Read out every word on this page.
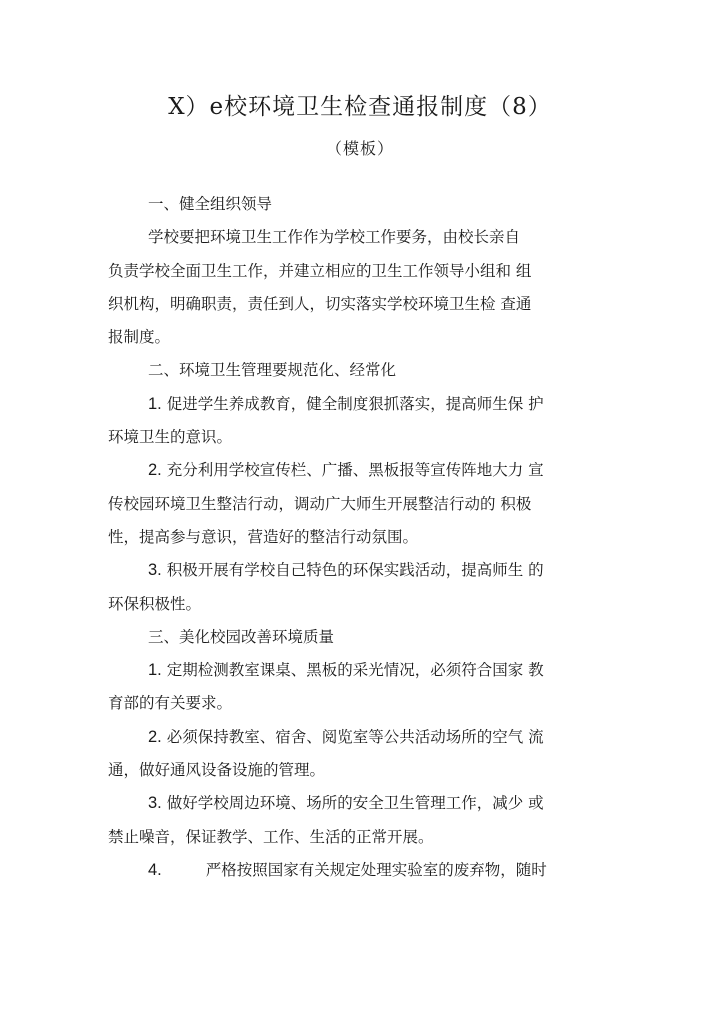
X）e校环境卫生检查通报制度（8）
（模板）
一、健全组织领导
学校要把环境卫生工作作为学校工作要务，由校长亲自
负责学校全面卫生工作，并建立相应的卫生工作领导小组和 组
织机构，明确职责，责任到人，切实落实学校环境卫生检 查通
报制度。
二、环境卫生管理要规范化、经常化
1. 促进学生养成教育，健全制度狠抓落实，提高师生保 护
环境卫生的意识。
2. 充分利用学校宣传栏、广播、黑板报等宣传阵地大力 宣
传校园环境卫生整洁行动，调动广大师生开展整洁行动的 积极
性，提高参与意识，营造好的整洁行动氛围。
3. 积极开展有学校自己特色的环保实践活动，提高师生 的
环保积极性。
三、美化校园改善环境质量
1. 定期检测教室课桌、黑板的采光情况，必须符合国家 教
育部的有关要求。
2. 必须保持教室、宿舍、阅览室等公共活动场所的空气 流
通，做好通风设备设施的管理。
3. 做好学校周边环境、场所的安全卫生管理工作，减少 或
禁止噪音，保证教学、工作、生活的正常开展。
4.	严格按照国家有关规定处理实验室的废弃物，随时
